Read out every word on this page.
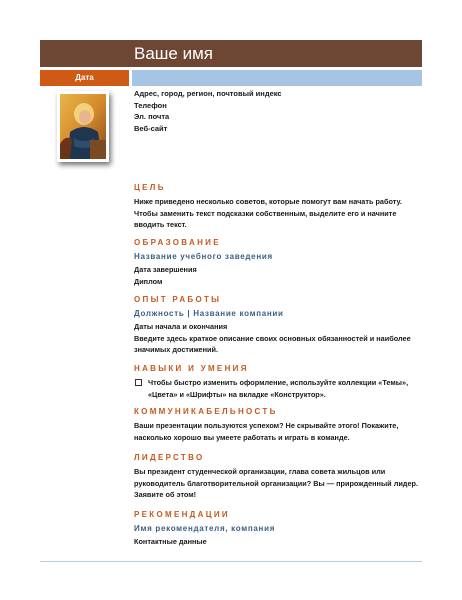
Ваше имя
Дата
Адрес, город, регион, почтовый индекс
Телефон
Эл. почта
Веб-сайт
ЦЕЛЬ
Ниже приведено несколько советов, которые помогут вам начать работу. Чтобы заменить текст подсказки собственным, выделите его и начните вводить текст.
ОБРАЗОВАНИЕ
Название учебного заведения
Дата завершения
Диплом
ОПЫТ РАБОТЫ
Должность | Название компании
Даты начала и окончания
Введите здесь краткое описание своих основных обязанностей и наиболее значимых достижений.
НАВЫКИ И УМЕНИЯ
Чтобы быстро изменить оформление, используйте коллекции «Темы», «Цвета» и «Шрифты» на вкладке «Конструктор».
КОММУНИКАБЕЛЬНОСТЬ
Ваши презентации пользуются успехом? Не скрывайте этого! Покажите, насколько хорошо вы умеете работать и играть в команде.
ЛИДЕРСТВО
Вы президент студенческой организации, глава совета жильцов или руководитель благотворительной организации? Вы — прирожденный лидер. Заявите об этом!
РЕКОМЕНДАЦИИ
Имя рекомендателя, компания
Контактные данные
